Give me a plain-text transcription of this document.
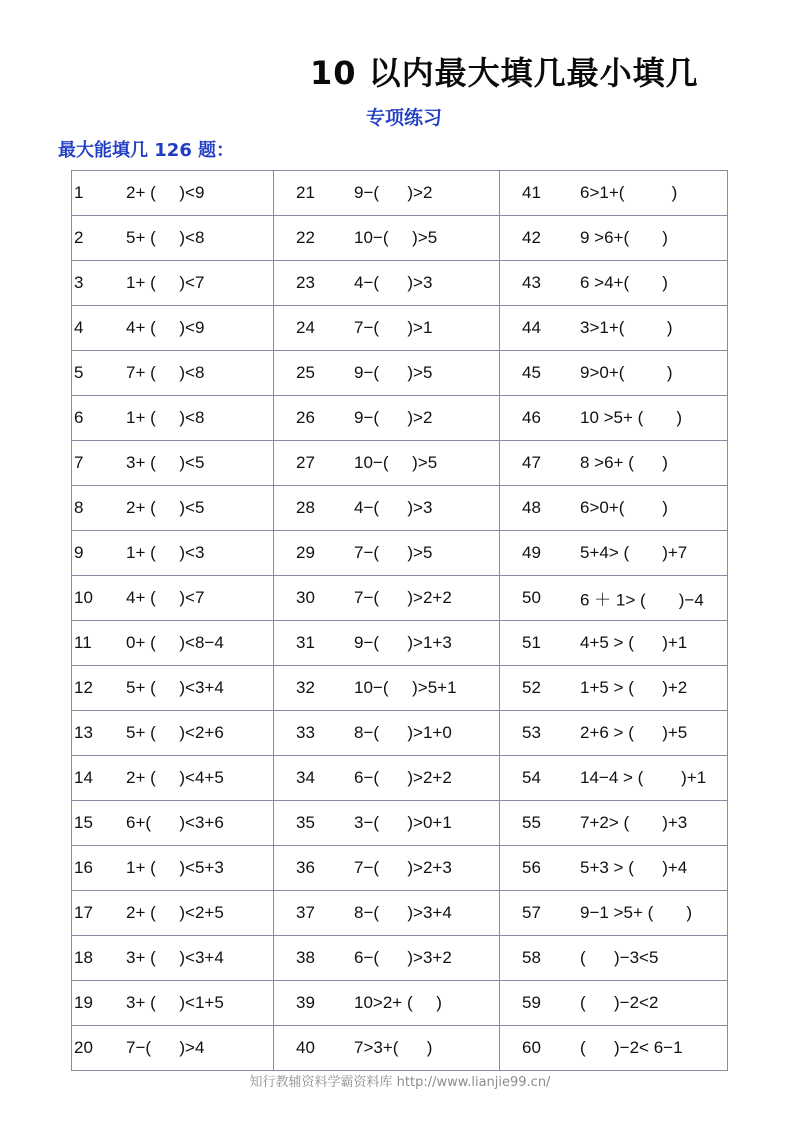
10 以内最大填几最小填几
专项练习
最大能填几 126 题：
1 2+ (     )<9	21 9−(      )>2	41 6>1+(          )

2 5+ (     )<8	22 10−(     )>5	42 9 >6+(       )

3 1+ (     )<7	23 4−(      )>3	43 6 >4+(       )

4 4+ (     )<9	24 7−(      )>1	44 3>1+(         )

5 7+ (     )<8	25 9−(      )>5	45 9>0+(         )

6 1+ (     )<8	26 9−(      )>2	46 10 >5+ (       )

7 3+ (     )<5	27 10−(     )>5	47 8 >6+ (      )

8 2+ (     )<5	28 4−(      )>3	48 6>0+(        )

9 1+ (     )<3	29 7−(      )>5	49 5+4> (       )+7

10 4+ (     )<7	30 7−(      )>2+2	50 6 ＋ 1> (       )−4

11 0+ (     )<8−4	31 9−(      )>1+3	51 4+5 > (      )+1

12 5+ (     )<3+4	32 10−(     )>5+1	52 1+5 > (      )+2

13 5+ (     )<2+6	33 8−(      )>1+0	53 2+6 > (      )+5

14 2+ (     )<4+5	34 6−(      )>2+2	54 14−4 > (        )+1

15 6+(      )<3+6	35 3−(      )>0+1	55 7+2> (       )+3

16 1+ (     )<5+3	36 7−(      )>2+3	56 5+3 > (      )+4

17 2+ (     )<2+5	37 8−(      )>3+4	57 9−1 >5+ (       )

18 3+ (     )<3+4	38 6−(      )>3+2	58 (      )−3<5

19 3+ (     )<1+5	39 10>2+ (     )	59 (      )−2<2

20 7−(      )>4	40 7>3+(      )	60 (      )−2< 6−1
知行教辅资料学霸资料库 http://www.lianjie99.cn/
